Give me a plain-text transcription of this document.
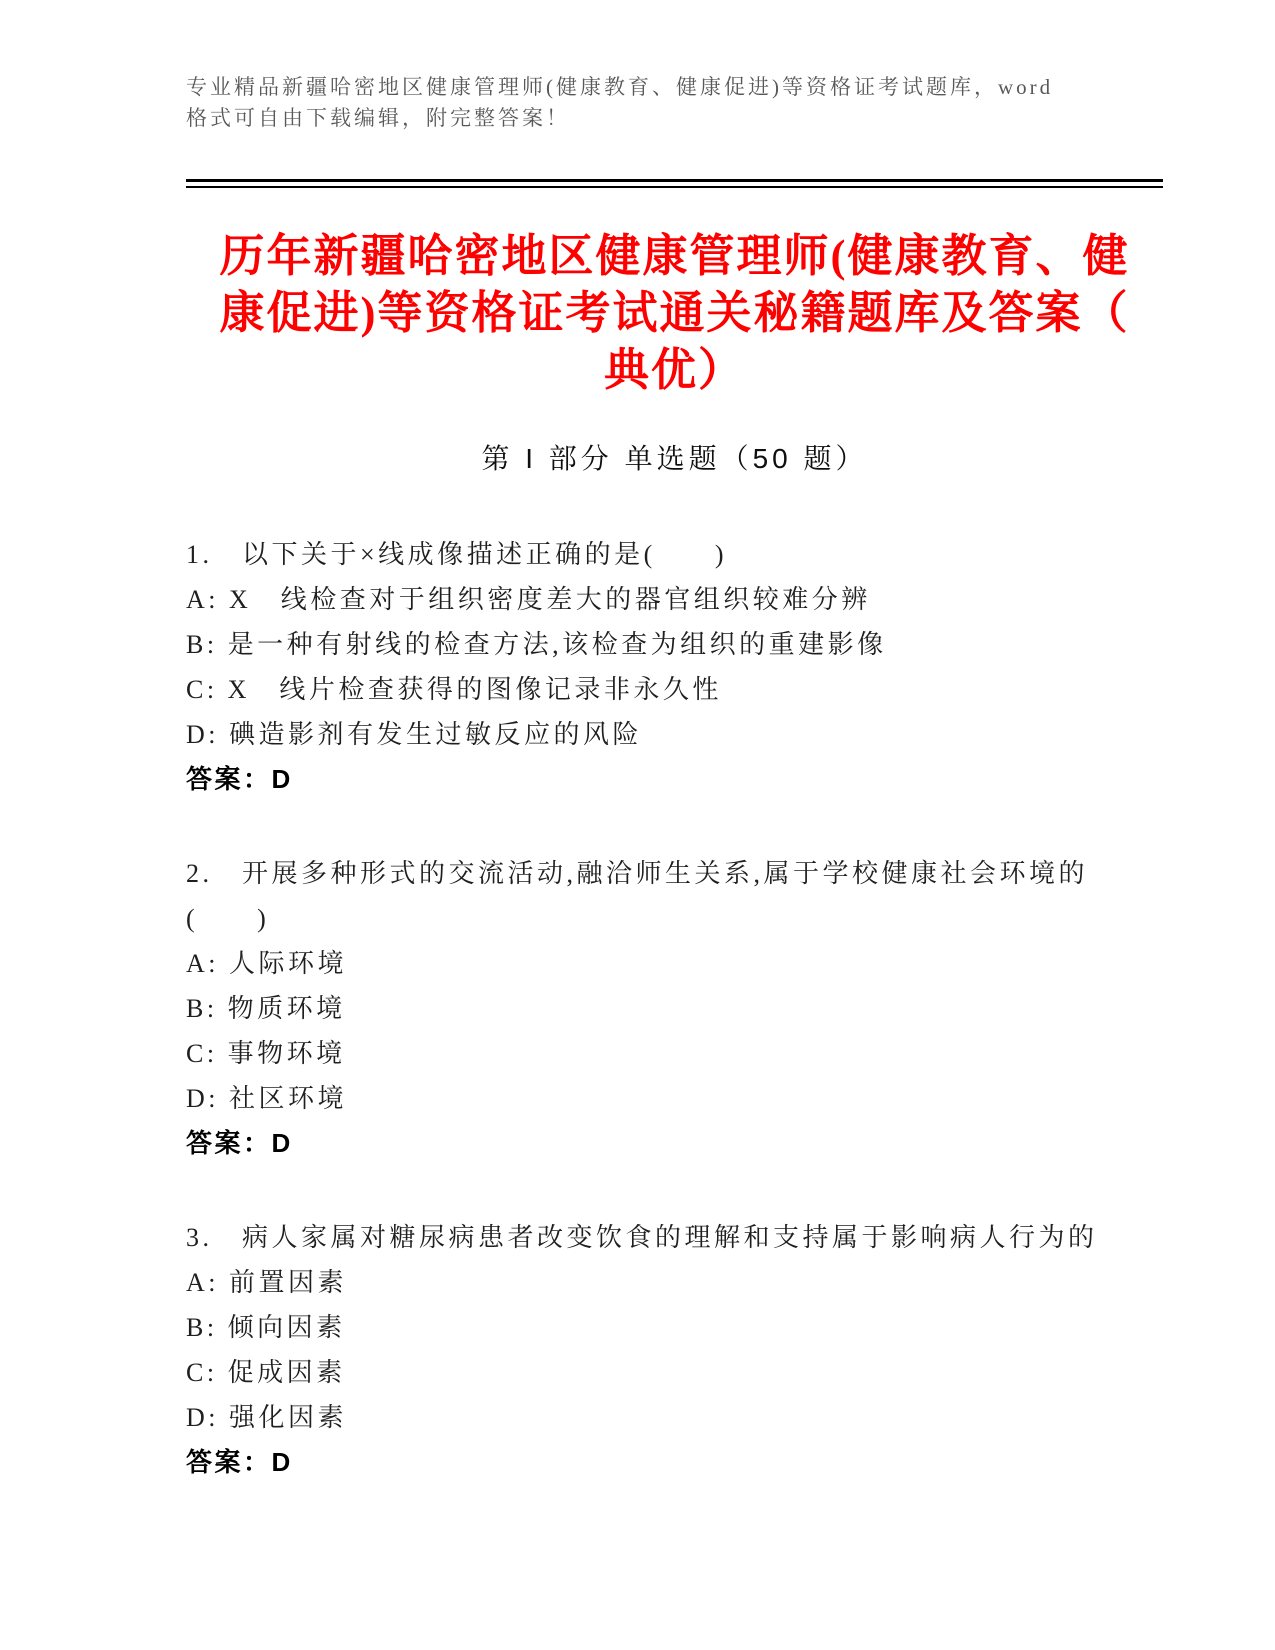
专业精品新疆哈密地区健康管理师(健康教育、健康促进)等资格证考试题库，word
格式可自由下载编辑，附完整答案！
历年新疆哈密地区健康管理师(健康教育、健
康促进)等资格证考试通关秘籍题库及答案（
典优）
第 I 部分 单选题（50 题）
1.　以下关于×线成像描述正确的是(　　)
A: X　线检查对于组织密度差大的器官组织较难分辨
B: 是一种有射线的检查方法,该检查为组织的重建影像
C: X　线片检查获得的图像记录非永久性
D: 碘造影剂有发生过敏反应的风险
答案：D
2.　开展多种形式的交流活动,融洽师生关系,属于学校健康社会环境的
(　　)
A: 人际环境
B: 物质环境
C: 事物环境
D: 社区环境
答案：D
3.　病人家属对糖尿病患者改变饮食的理解和支持属于影响病人行为的
A: 前置因素
B: 倾向因素
C: 促成因素
D: 强化因素
答案：D
